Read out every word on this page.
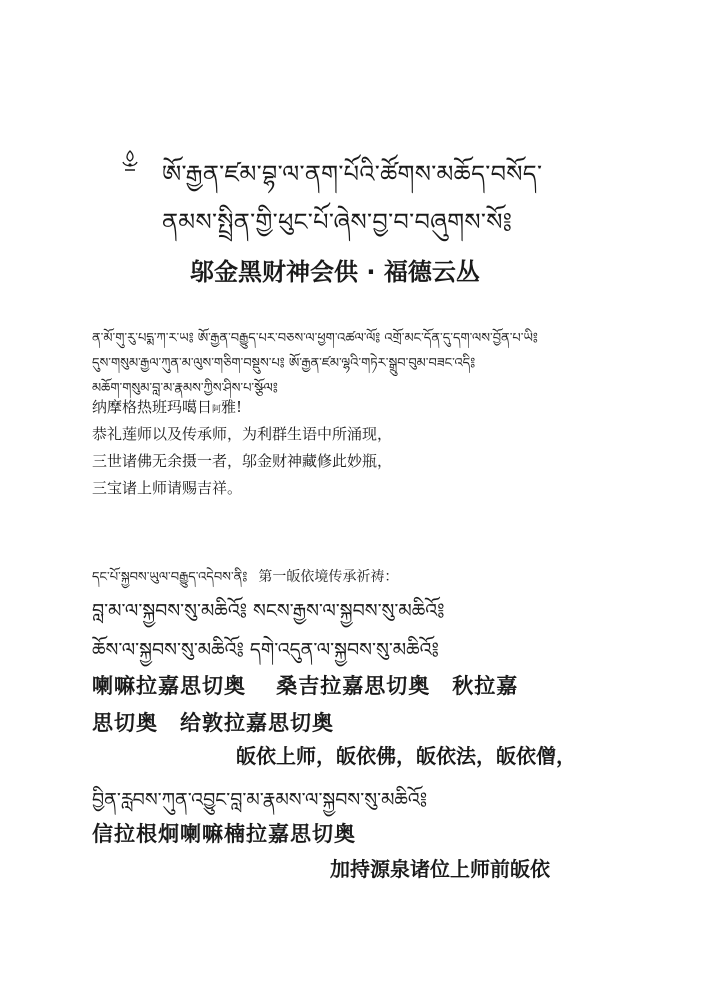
ཨོ་རྒྱན་ཛམ་བྷ་ལ་ནག་པོའི་ཚོགས་མཆོད་བསོད་
ནམས་སྤྲིན་གྱི་ཕུང་པོ་ཞེས་བྱ་བ་བཞུགས་སོ༔
邬金黑财神会供 · 福德云丛
ན་མོ་གུ་རུ་པདྨ་ཀ་ར་ཡ༔ ཨོ་རྒྱན་བརྒྱུད་པར་བཅས་ལ་ཕྱག་འཚལ་ལོ༔ འགྲོ་མང་དོན་དུ་དག་ལས་བྱོན་པ་ཡི༔
དུས་གསུམ་རྒྱལ་ཀུན་མ་ལུས་གཅིག་བསྡུས་པ༔ ཨོ་རྒྱན་ཛམ་ལྷའི་གཏེར་སྒྲུབ་བུམ་བཟང་འདི༔
མཆོག་གསུམ་བླ་མ་རྣམས་ཀྱིས་ཤིས་པ་སྩོལ༔
纳摩格热班玛噶日阿雅!
恭礼莲师以及传承师，为利群生语中所涌现，
三世诸佛无余摄一者，邬金财神藏修此妙瓶，
三宝诸上师请赐吉祥。
དང་པོ་སྐྱབས་ཡུལ་བརྒྱུད་འདེབས་ནི༔ 第一皈依境传承祈祷：
བླ་མ་ལ་སྐྱབས་སུ་མཆིའོ༔ སངས་རྒྱས་ལ་སྐྱབས་སུ་མཆིའོ༔
ཆོས་ལ་སྐྱབས་སུ་མཆིའོ༔ དགེ་འདུན་ལ་སྐྱབས་སུ་མཆིའོ༔
喇嘛拉嘉思切奥　 桑吉拉嘉思切奥　秋拉嘉
思切奥　给敦拉嘉思切奥
皈依上师，皈依佛，皈依法，皈依僧，
བྱིན་རླབས་ཀུན་འབྱུང་བླ་མ་རྣམས་ལ་སྐྱབས་སུ་མཆིའོ༔
信拉根炯喇嘛楠拉嘉思切奥
加持源泉诸位上师前皈依
